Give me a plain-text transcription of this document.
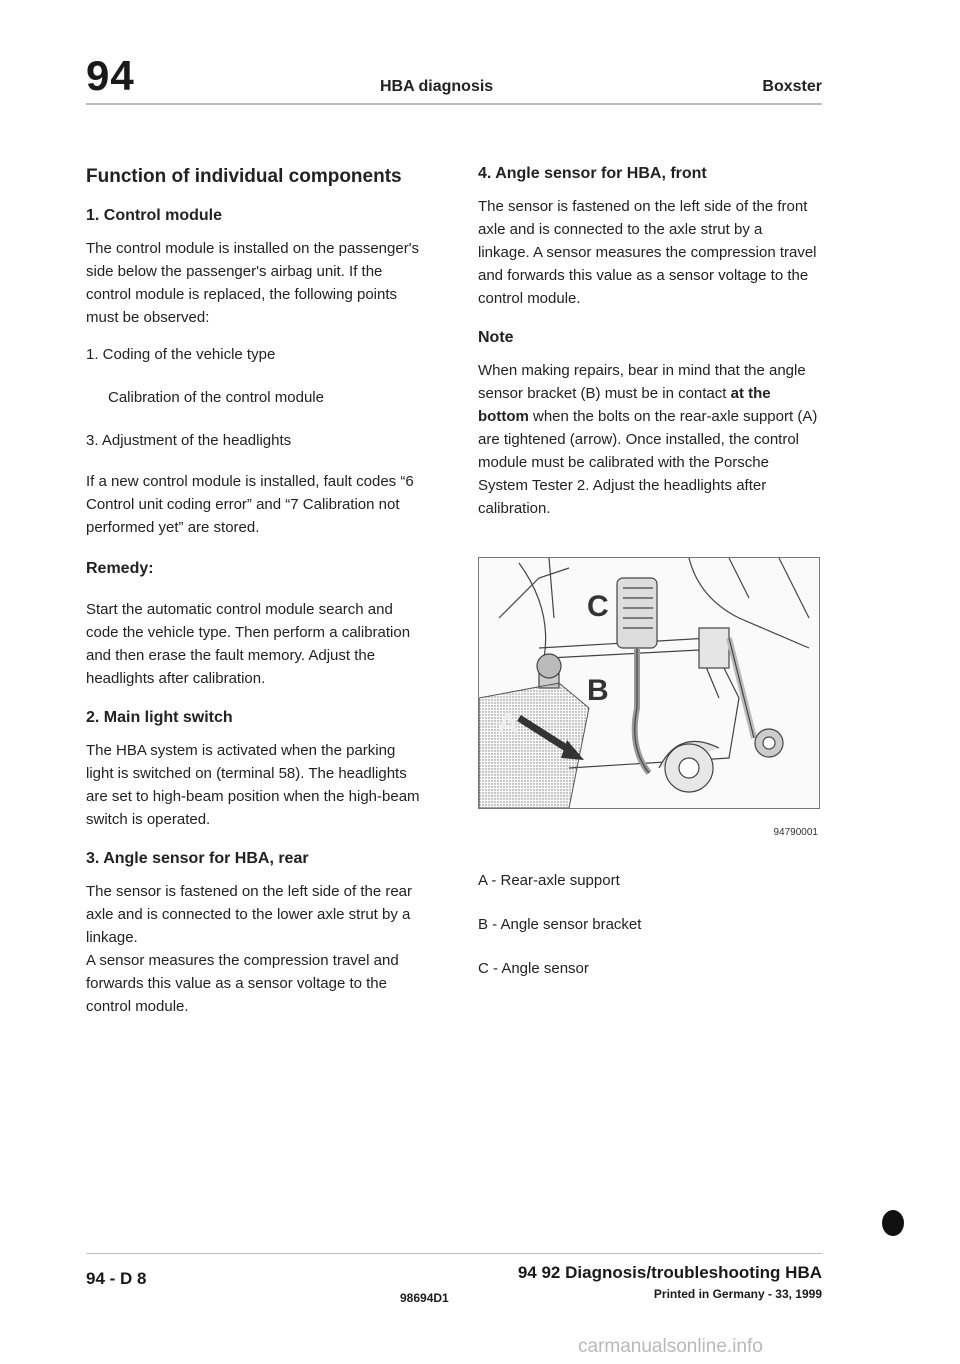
94	HBA diagnosis	Boxster

Function of individual components

1. Control module

The control module is installed on the passenger's side below the passenger's airbag unit. If the control module is replaced, the following points must be observed:

1. Coding of the vehicle type

Calibration of the control module

3. Adjustment of the headlights

If a new control module is installed, fault codes “6 Control unit coding error” and “7 Calibration not performed yet” are stored.

Remedy:

Start the automatic control module search and code the vehicle type. Then perform a calibration and then erase the fault memory. Adjust the headlights after calibration.

2. Main light switch

The HBA system is activated when the parking light is switched on (terminal 58). The headlights are set to high-beam position when the high-beam switch is operated.

3. Angle sensor for HBA, rear

The sensor is fastened on the left side of the rear axle and is connected to the lower axle strut by a linkage.

A sensor measures the compression travel and forwards this value as a sensor voltage to the control module.

4. Angle sensor for HBA, front

The sensor is fastened on the left side of the front axle and is connected to the axle strut by a linkage. A sensor measures the compression travel and forwards this value as a sensor voltage to the control module.

Note

When making repairs, bear in mind that the angle sensor bracket (B) must be in contact at the bottom when the bolts on the rear-axle support (A) are tightened (arrow). Once installed, the control module must be calibrated with the Porsche System Tester 2. Adjust the headlights after calibration.

C
B
A
94790001

A - Rear-axle support

B - Angle sensor bracket

C - Angle sensor

94 - D 8
98694D1
94 92 Diagnosis/troubleshooting HBA
Printed in Germany - 33, 1999
carmanualsonline.info
